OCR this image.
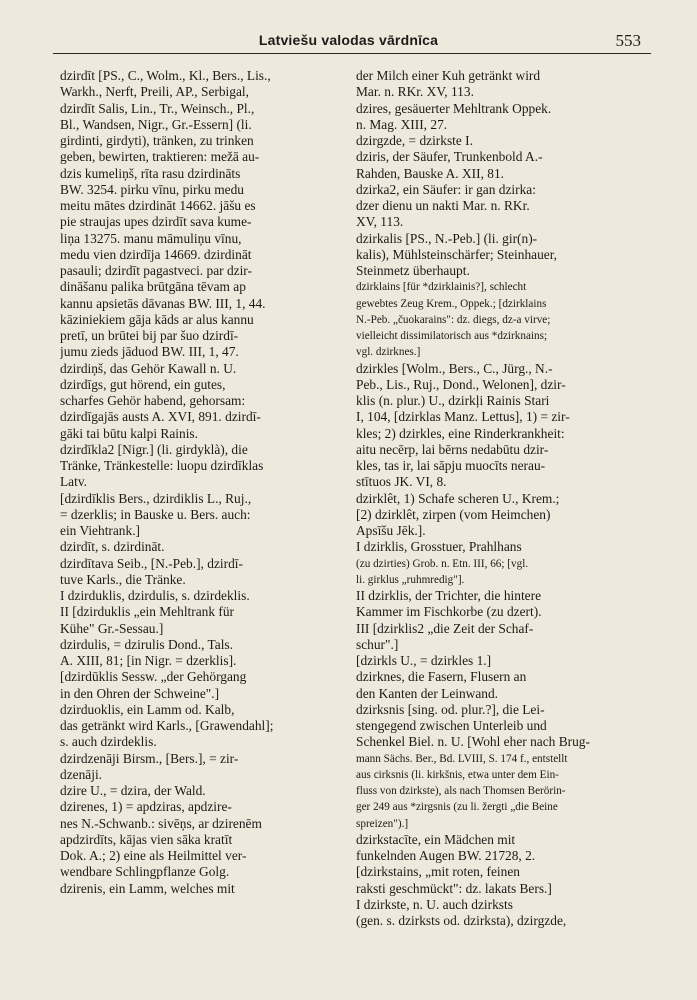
Latviešu valodas vārdnīca	553
dzirdīt [PS., C., Wolm., Kl., Bers., Lis.,
Warkh., Nerft, Preili, AP., Serbigal,
dzirdīt Salis, Lin., Tr., Weinsch., Pl.,
Bl., Wandsen, Nigr., Gr.-Essern] (li.
girdinti, girdyti), tränken, zu trinken
geben, bewirten, traktieren: mežā au-
dzis kumeliņš, rīta rasu dzirdināts
BW. 3254. pirku vīnu, pirku medu
meitu mātes dzirdināt 14662. jāšu es
pie straujas upes dzirdīt sava kume-
liņa 13275. manu māmuliņu vīnu,
medu vien dzirdīja 14669. dzirdināt
pasauli; dzirdīt pagastveci. par dzir-
dināšanu palika brūtgāna tēvam ap
kannu apsietās dāvanas BW. III, 1, 44.
kāziniekiem gāja kāds ar alus kannu
pretī, un brūtei bij par šuo dzirdī-
jumu zieds jāduod BW. III, 1, 47.
dzirdiņš, das Gehör Kawall n. U.
dzirdīgs, gut hörend, ein gutes,
scharfes Gehör habend, gehorsam:
dzirdīgajās austs A. XVI, 891. dzirdī-
gāki tai būtu kalpi Rainis.
dzirdīkla2 [Nigr.] (li. girdyklà), die
Tränke, Tränkestelle: luopu dzirdīklas
Latv.
[dzirdīklis Bers., dzirdiklis L., Ruj.,
= dzerklis; in Bauske u. Bers. auch:
ein Viehtrank.]
dzirdīt, s. dzirdināt.
dzirdītava Seib., [N.-Peb.], dzirdī-
tuve Karls., die Tränke.
I dzirduklis, dzirdulis, s. dzirdeklis.
II [dzirduklis „ein Mehltrank für
Kühe" Gr.-Sessau.]
dzirdulis, = dzirulis Dond., Tals.
A. XIII, 81; [in Nigr. = dzerklis].
[dzirdūklis Sessw. „der Gehörgang
in den Ohren der Schweine".]
dzirduoklis, ein Lamm od. Kalb,
das getränkt wird Karls., [Grawendahl];
s. auch dzirdeklis.
dzirdzenāji Birsm., [Bers.], = zir-
dzenāji.
dzire U., = dzira, der Wald.
dzirenes, 1) = apdziras, apdzire-
nes N.-Schwanb.: sivēņs, ar dzirenēm
apdzirdīts, kājas vien sāka kratīt
Dok. A.; 2) eine als Heilmittel ver-
wendbare Schlingpflanze Golg.
dzirenis, ein Lamm, welches mit
der Milch einer Kuh getränkt wird
Mar. n. RKr. XV, 113.
dzires, gesäuerter Mehltrank Oppek.
n. Mag. XIII, 27.
dzirgzde, = dzirkste I.
dziris, der Säufer, Trunkenbold A.-
Rahden, Bauske A. XII, 81.
dzirka2, ein Säufer: ir gan dzirka:
dzer dienu un nakti Mar. n. RKr.
XV, 113.
dzirkalis [PS., N.-Peb.] (li. gir(n)-
kalis), Mühlsteinschärfer; Steinhauer,
Steinmetz überhaupt.
dzirklains [für *dzirklainis?], schlecht
gewebtes Zeug Krem., Oppek.; [dzirklains
N.-Peb. „čuokarains": dz. diegs, dz-a virve;
vielleicht dissimilatorisch aus *dzirknains;
vgl. dzirknes.]
dzirkles [Wolm., Bers., C., Jürg., N.-
Peb., Lis., Ruj., Dond., Welonen], dzir-
klis (n. plur.) U., dzirkļi Rainis Stari
I, 104, [dzirklas Manz. Lettus], 1) = zir-
kles; 2) dzirkles, eine Rinderkrankheit:
aitu necērp, lai bērns nedabūtu dzir-
kles, tas ir, lai sāpju muocīts nerau-
stītuos JK. VI, 8.
dzirklêt, 1) Schafe scheren U., Krem.;
[2) dzirklêt, zirpen (vom Heimchen)
Apsīšu Jēk.].
I dzirklis, Grosstuer, Prahlhans
(zu dzirties) Grob. n. Etn. III, 66; [vgl.
li. girklus „ruhmredig"].
II dzirklis, der Trichter, die hintere
Kammer im Fischkorbe (zu dzert).
III [dzirklis2 „die Zeit der Schaf-
schur".]
[dzirkls U., = dzirkles 1.]
dzirknes, die Fasern, Flusern an
den Kanten der Leinwand.
dzirksnis [sing. od. plur.?], die Lei-
stengegend zwischen Unterleib und
Schenkel Biel. n. U. [Wohl eher nach Brug-
mann Sächs. Ber., Bd. LVIII, S. 174 f., entstellt
aus cirksnis (li. kirkšnis, etwa unter dem Ein-
fluss von dzirkste), als nach Thomsen Berörin-
ger 249 aus *zirgsnis (zu li. žergti „die Beine
spreizen").]
dzirkstacīte, ein Mädchen mit
funkelnden Augen BW. 21728, 2.
[dzirkstains, „mit roten, feinen
raksti geschmückt": dz. lakats Bers.]
I dzirkste, n. U. auch dzirksts
(gen. s. dzirksts od. dzirksta), dzirgzde,
